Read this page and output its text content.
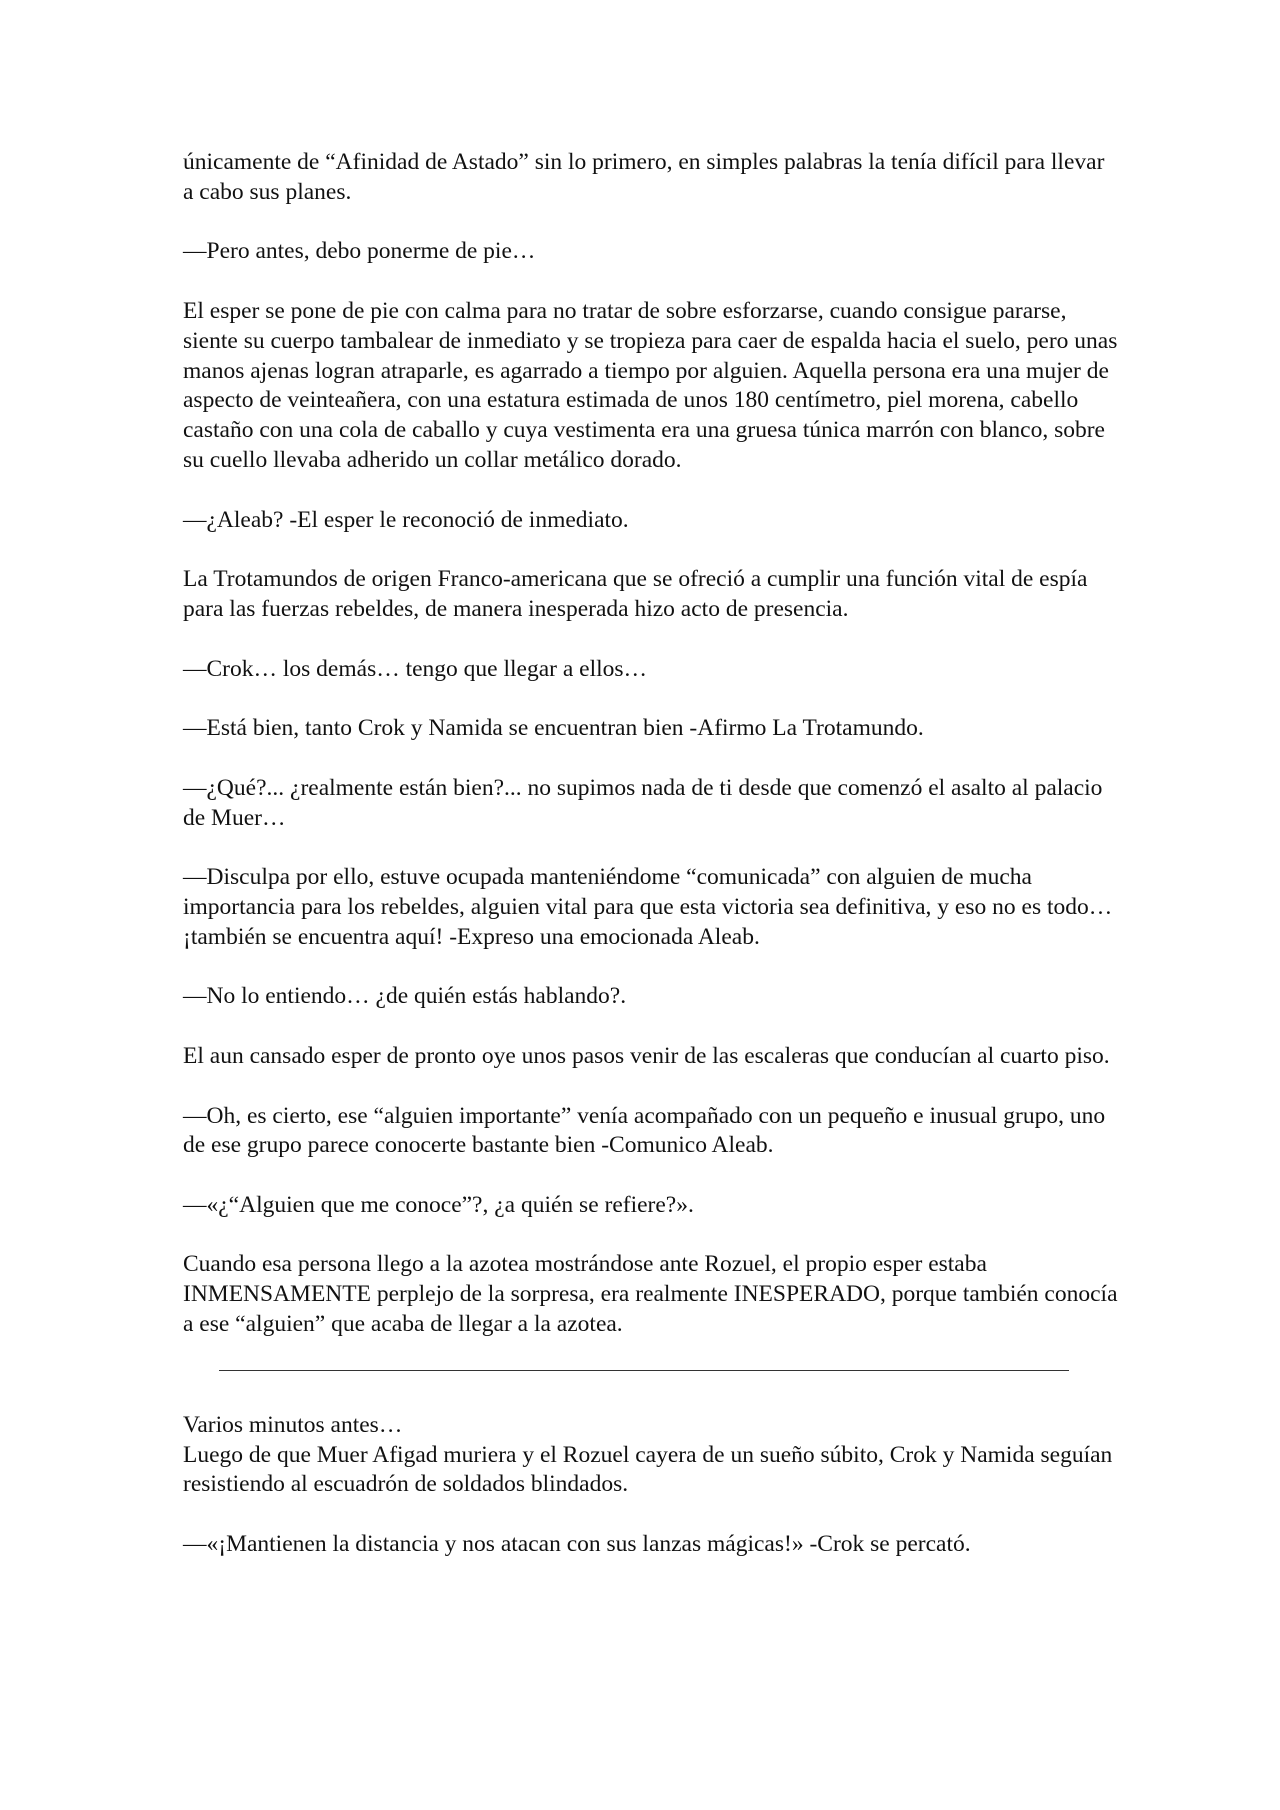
únicamente de “Afinidad de Astado” sin lo primero, en simples palabras la tenía difícil para llevar a cabo sus planes.

—Pero antes, debo ponerme de pie…

El esper se pone de pie con calma para no tratar de sobre esforzarse, cuando consigue pararse, siente su cuerpo tambalear de inmediato y se tropieza para caer de espalda hacia el suelo, pero unas manos ajenas logran atraparle, es agarrado a tiempo por alguien. Aquella persona era una mujer de aspecto de veinteañera, con una estatura estimada de unos 180 centímetro, piel morena, cabello castaño con una cola de caballo y cuya vestimenta era una gruesa túnica marrón con blanco, sobre su cuello llevaba adherido un collar metálico dorado.

—¿Aleab? -El esper le reconoció de inmediato.

La Trotamundos de origen Franco-americana que se ofreció a cumplir una función vital de espía para las fuerzas rebeldes, de manera inesperada hizo acto de presencia.

—Crok… los demás… tengo que llegar a ellos…

—Está bien, tanto Crok y Namida se encuentran bien -Afirmo La Trotamundo.

—¿Qué?... ¿realmente están bien?... no supimos nada de ti desde que comenzó el asalto al palacio de Muer…

—Disculpa por ello, estuve ocupada manteniéndome “comunicada” con alguien de mucha importancia para los rebeldes, alguien vital para que esta victoria sea definitiva, y eso no es todo… ¡también se encuentra aquí! -Expreso una emocionada Aleab.

—No lo entiendo… ¿de quién estás hablando?.

El aun cansado esper de pronto oye unos pasos venir de las escaleras que conducían al cuarto piso.

—Oh, es cierto, ese “alguien importante” venía acompañado con un pequeño e inusual grupo, uno de ese grupo parece conocerte bastante bien -Comunico Aleab.

—«¿“Alguien que me conoce”?, ¿a quién se refiere?».

Cuando esa persona llego a la azotea mostrándose ante Rozuel, el propio esper estaba INMENSAMENTE perplejo de la sorpresa, era realmente INESPERADO, porque también conocía a ese “alguien” que acaba de llegar a la azotea.

Varios minutos antes…

Luego de que Muer Afigad muriera y el Rozuel cayera de un sueño súbito, Crok y Namida seguían resistiendo al escuadrón de soldados blindados.

—«¡Mantienen la distancia y nos atacan con sus lanzas mágicas!» -Crok se percató.
